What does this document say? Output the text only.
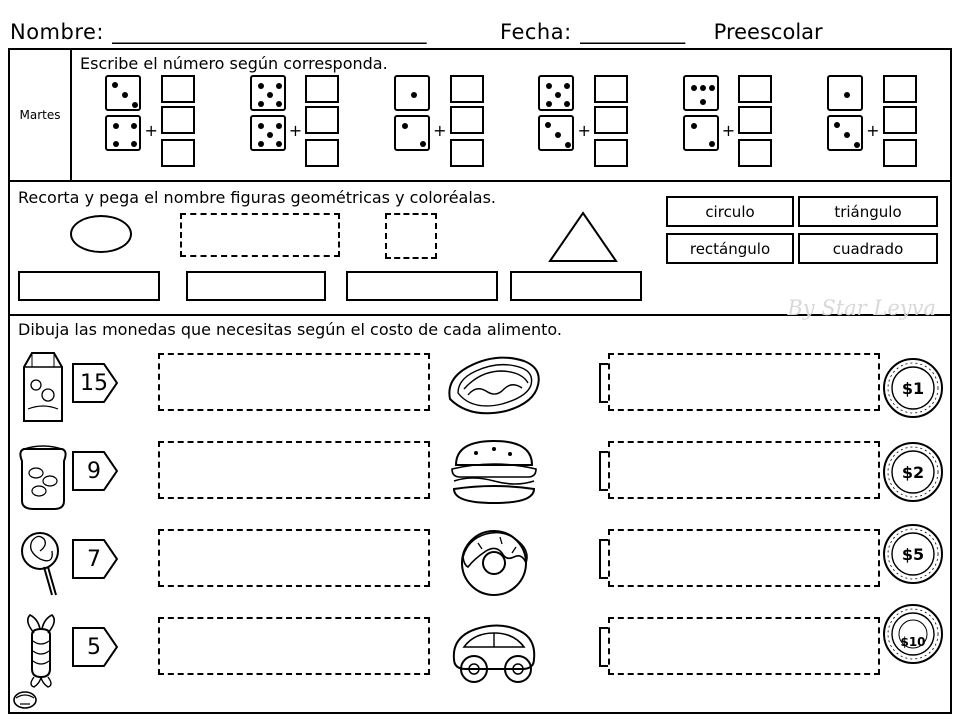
Nombre: _________________________________	Fecha: ___________	Preescolar
Martes
Escribe el número según corresponda.
+	+	+	+	+	+
Recorta y pega el nombre figuras geométricas y coloréalas.
circulo	triángulo
rectángulo	cuadrado
By Star Leyva
Dibuja las monedas que necesitas según el costo de cada alimento.
15

9

7

5

$1
$2
$5
$10
